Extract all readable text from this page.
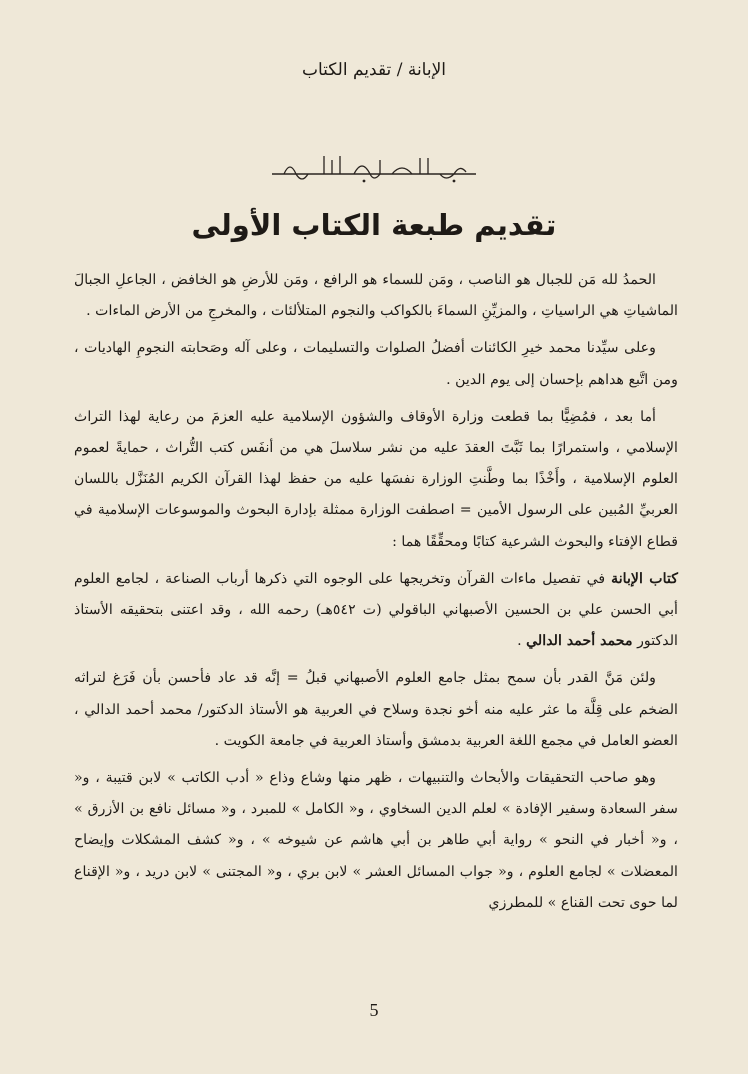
الإبانة / تقديم الكتاب
تقديم طبعة الكتاب الأولى

الحمدُ لله مَن للجبال هو الناصب ، ومَن للسماء هو الرافع ، ومَن للأرضِ هو الخافض ، الجاعلِ الجبالَ الماشياتِ هي الراسياتِ ، والمزيِّنِ السماءَ بالكواكب والنجوم المتلألئات ، والمخرجِ من الأرض الماءات .

وعلى سيِّدنا محمد خيرِ الكائنات أفضلُ الصلوات والتسليمات ، وعلى آله وصَحابته النجومِ الهاديات ، ومن اتَّبع هداهم بإحسان إلى يوم الدين .

أما بعد ، فمُضِيًّا بما قطعت وزارة الأوقاف والشؤون الإسلامية عليه العزمَ من رعاية لهذا التراث الإسلامي ، واستمرارًا بما ثَبَّتَ العقدَ عليه من نشر سلاسلَ هي من أنفَس كتب التُّراث ، حمايةً لعموم العلوم الإسلامية ، وأَخْذًا بما وطَّنتِ الوزارة نفسَها عليه من حفظ لهذا القرآن الكريم المُنَزَّل باللسان العربيِّ المُبين على الرسول الأمين = اصطفت الوزارة ممثلة بإدارة البحوث والموسوعات الإسلامية في قطاع الإفتاء والبحوث الشرعية كتابًا ومحقِّقًا هما :

كتاب الإبانة في تفصيل ماءات القرآن وتخريجها على الوجوه التي ذكرها أرباب الصناعة ، لجامع العلوم أبي الحسن علي بن الحسين الأصبهاني الباقولي (ت ٥٤٢هـ) رحمه الله ، وقد اعتنى بتحقيقه الأستاذ الدكتور محمد أحمد الدالي .

ولئن مَنَّ القدر بأن سمح بمثل جامع العلوم الأصبهاني قبلُ = إنَّه قد عاد فأحسن بأن فَرَغ لتراثه الضخم على قِلَّة ما عثر عليه منه أخو نجدة وسلاح في العربية هو الأستاذ الدكتور/ محمد أحمد الدالي ، العضو العامل في مجمع اللغة العربية بدمشق وأستاذ العربية في جامعة الكويت .

وهو صاحب التحقيقات والأبحاث والتنبيهات ، ظهر منها وشاع وذاع « أدب الكاتب » لابن قتيبة ، و« سفر السعادة وسفير الإفادة » لعلم الدين السخاوي ، و« الكامل » للمبرد ، و« مسائل نافع بن الأزرق » ، و« أخبار في النحو » رواية أبي طاهر بن أبي هاشم عن شيوخه » ، و« كشف المشكلات وإيضاح المعضلات » لجامع العلوم ، و« جواب المسائل العشر » لابن بري ، و« المجتنى » لابن دريد ، و« الإقناع لما حوى تحت القناع » للمطرزي

5
